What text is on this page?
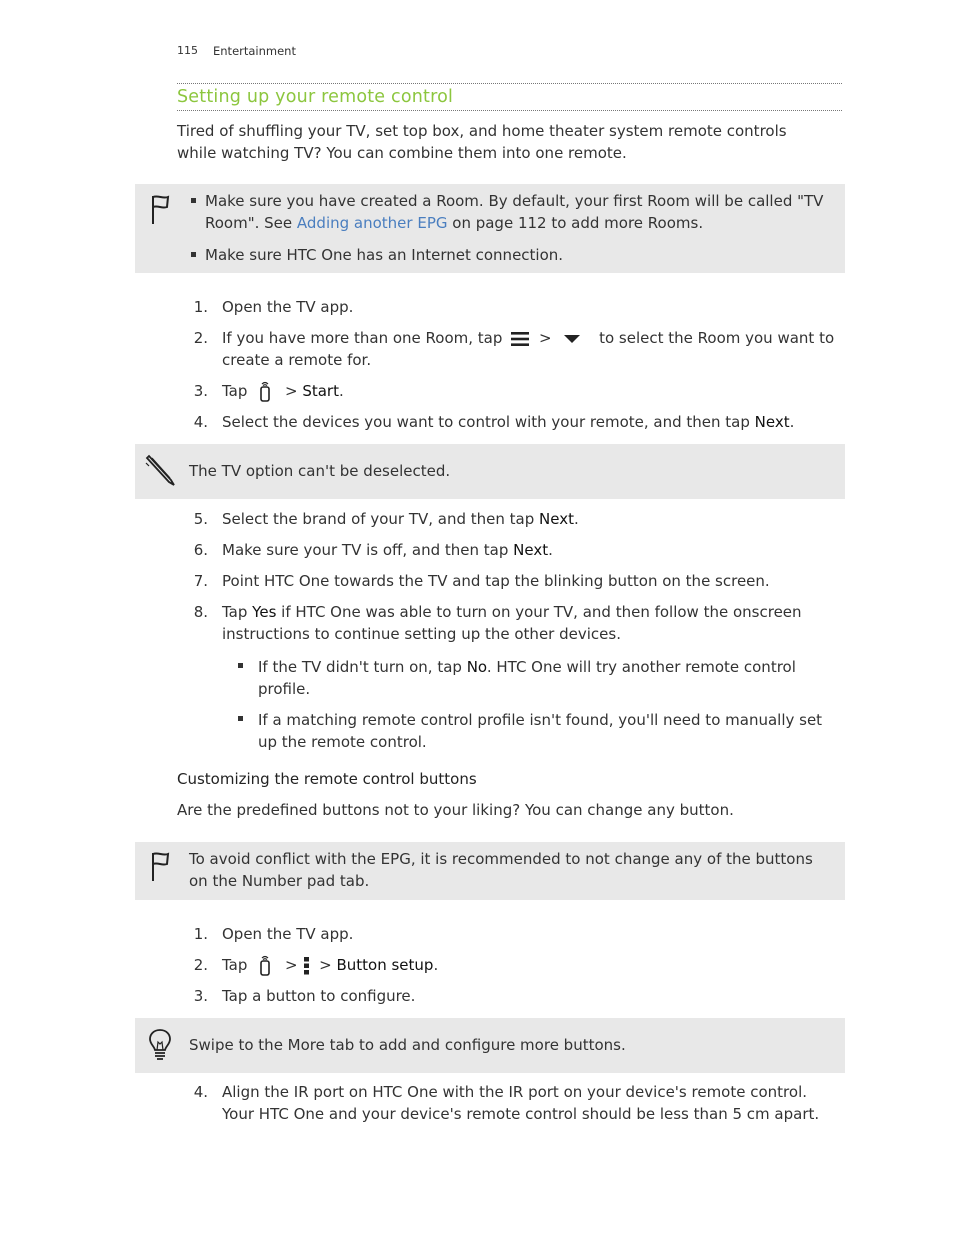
115 Entertainment
Setting up your remote control
Tired of shuffling your TV, set top box, and home theater system remote controls while watching TV? You can combine them into one remote.
Make sure you have created a Room. By default, your first Room will be called "TV Room". See Adding another EPG on page 112 to add more Rooms.
Make sure HTC One has an Internet connection.
1. Open the TV app.
2. If you have more than one Room, tap >	to select the Room you want to
create a remote for.
3. Tap	> Start.
4. Select the devices you want to control with your remote, and then tap Next.
The TV option can't be deselected.
5. Select the brand of your TV, and then tap Next.
6. Make sure your TV is off, and then tap Next.
7. Point HTC One towards the TV and tap the blinking button on the screen.
8. Tap Yes if HTC One was able to turn on your TV, and then follow the onscreen
instructions to continue setting up the other devices.
If the TV didn't turn on, tap No. HTC One will try another remote control
profile.
If a matching remote control profile isn't found, you'll need to manually set
up the remote control.
Customizing the remote control buttons
Are the predefined buttons not to your liking? You can change any button.
To avoid conflict with the EPG, it is recommended to not change any of the buttons
on the Number pad tab.
1. Open the TV app.
2. Tap	> > Button setup.
3. Tap a button to configure.
Swipe to the More tab to add and configure more buttons.
4. Align the IR port on HTC One with the IR port on your device's remote control.
Your HTC One and your device's remote control should be less than 5 cm apart.
